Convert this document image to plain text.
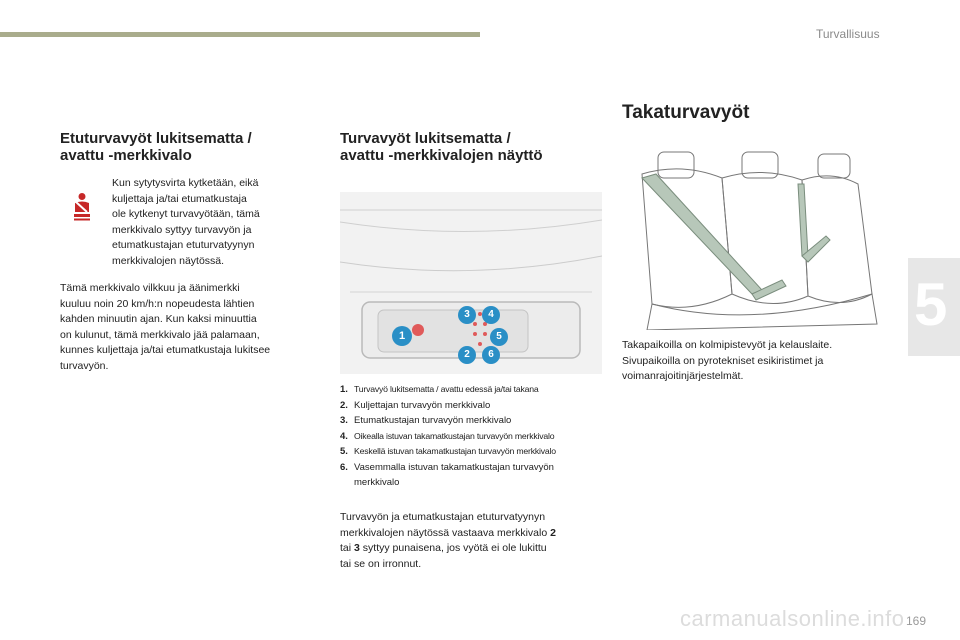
Turvallisuus
5
Etuturvavyöt lukitsematta /
avattu -merkkivalo
Kun sytytysvirta kytketään, eikä
kuljettaja ja/tai etumatkustaja
ole kytkenyt turvavyötään, tämä
merkkivalo syttyy turvavyön ja
etumatkustajan etuturvatyynyn
merkkivalojen näytössä.
Tämä merkkivalo vilkkuu ja äänimerkki
kuuluu noin 20 km/h:n nopeudesta lähtien
kahden minuutin ajan. Kun kaksi minuuttia
on kulunut, tämä merkkivalo jää palamaan,
kunnes kuljettaja ja/tai etumatkustaja lukitsee
turvavyön.
Turvavyöt lukitsematta /
avattu -merkkivalojen näyttö
1
3	4
5
2	6
1. Turvavyö lukitsematta / avattu edessä ja/tai takana
2. Kuljettajan turvavyön merkkivalo
3. Etumatkustajan turvavyön merkkivalo
4. Oikealla istuvan takamatkustajan turvavyön merkkivalo
5. Keskellä istuvan takamatkustajan turvavyön merkkivalo
6. Vasemmalla istuvan takamatkustajan turvavyön
merkkivalo
Turvavyön ja etumatkustajan etuturvatyynyn
merkkivalojen näytössä vastaava merkkivalo 2
tai 3 syttyy punaisena, jos vyötä ei ole lukittu
tai se on irronnut.
Takaturvavyöt
Takapaikoilla on kolmipistevyöt ja kelauslaite.
Sivupaikoilla on pyrotekniset esikiristimet ja
voimanrajoitinjärjestelmät.
carmanualsonline.info 169
